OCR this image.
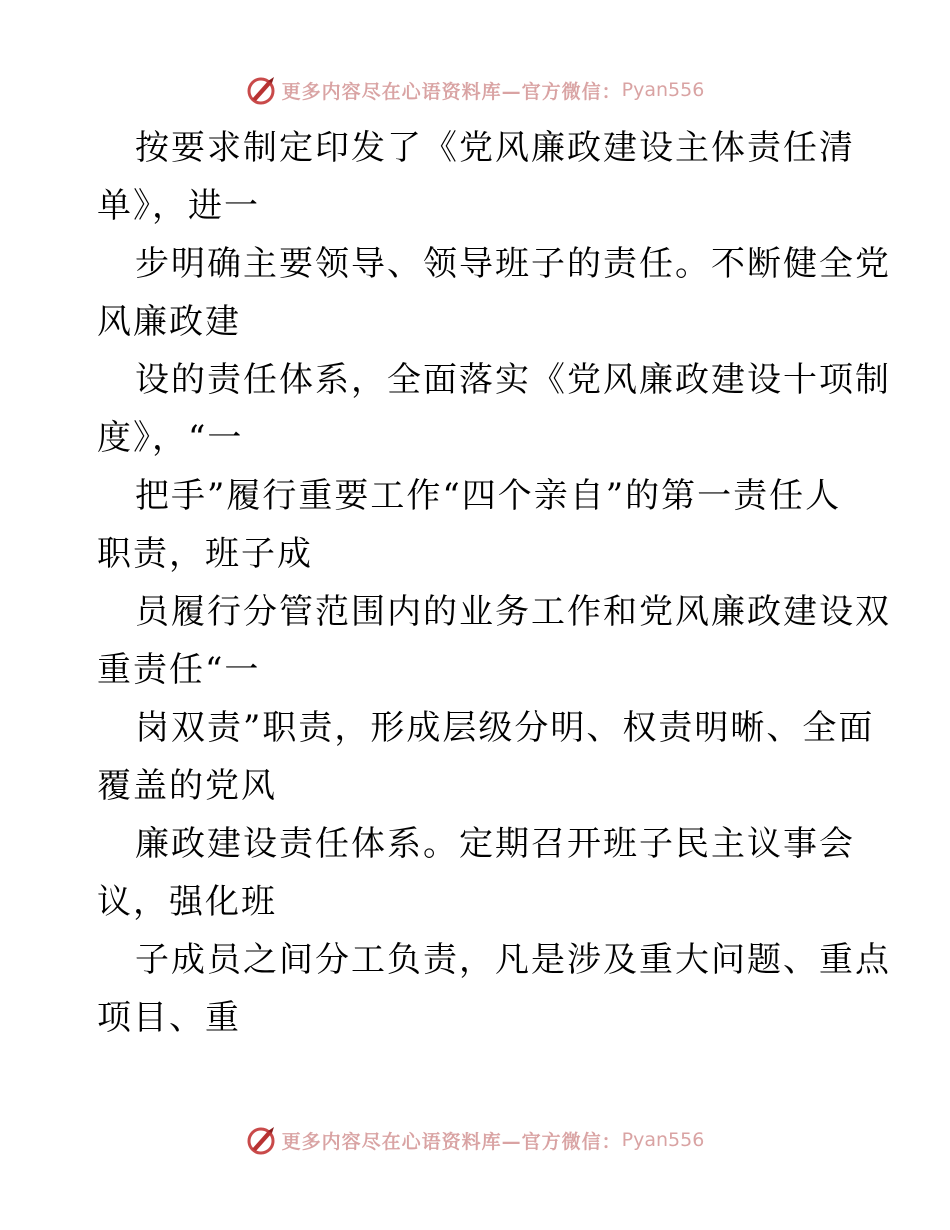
更多内容尽在心语资料库—官方微信： Pyan556
按要求制定印发了《党风廉政建设主体责任清
单》，进一
步明确主要领导、领导班子的责任。不断健全党
风廉政建
设的责任体系，全面落实《党风廉政建设十项制
度》，“一
把手”履行重要工作“四个亲自”的第一责任人
职责，班子成
员履行分管范围内的业务工作和党风廉政建设双
重责任“一
岗双责”职责，形成层级分明、权责明晰、全面
覆盖的党风
廉政建设责任体系。定期召开班子民主议事会
议，强化班
子成员之间分工负责，凡是涉及重大问题、重点
项目、重
更多内容尽在心语资料库—官方微信： Pyan556
